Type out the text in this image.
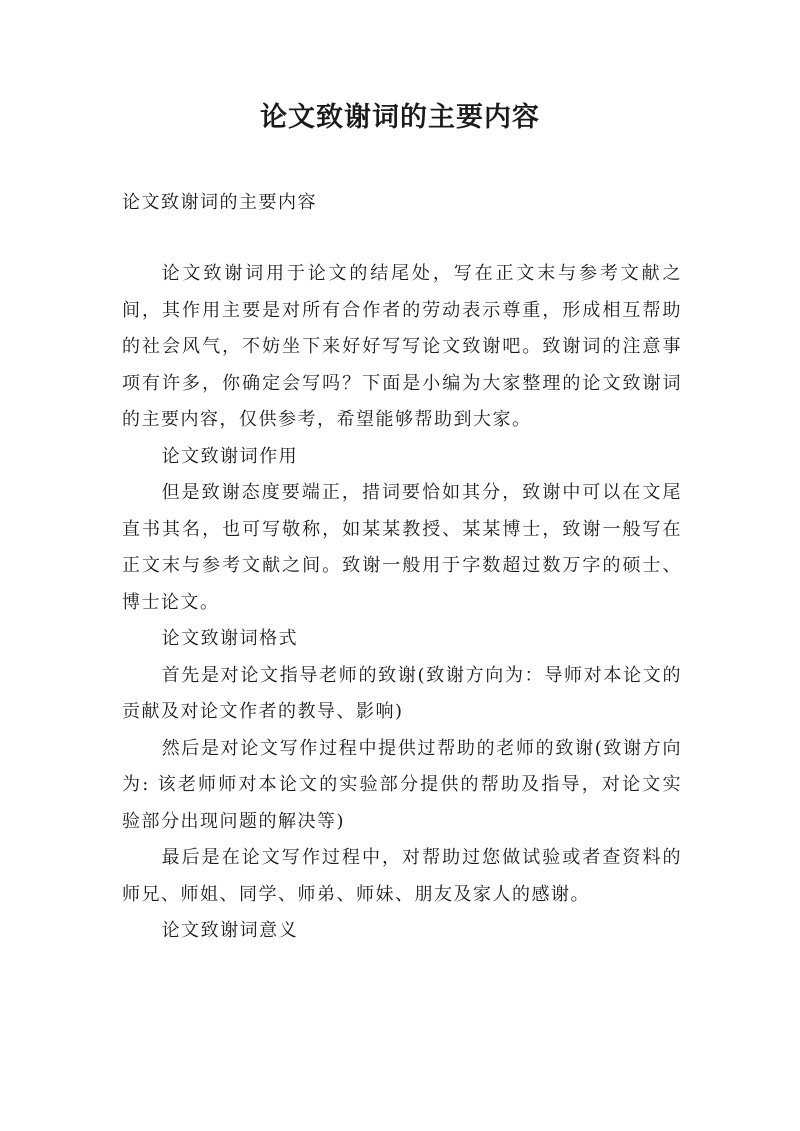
论文致谢词的主要内容

论文致谢词的主要内容

论文致谢词用于论文的结尾处，写在正文末与参考文献之间，其作用主要是对所有合作者的劳动表示尊重，形成相互帮助的社会风气，不妨坐下来好好写写论文致谢吧。致谢词的注意事项有许多，你确定会写吗？下面是小编为大家整理的论文致谢词的主要内容，仅供参考，希望能够帮助到大家。

论文致谢词作用

但是致谢态度要端正，措词要恰如其分，致谢中可以在文尾直书其名，也可写敬称，如某某教授、某某博士，致谢一般写在正文末与参考文献之间。致谢一般用于字数超过数万字的硕士、博士论文。

论文致谢词格式

首先是对论文指导老师的致谢(致谢方向为：导师对本论文的贡献及对论文作者的教导、影响)

然后是对论文写作过程中提供过帮助的老师的致谢(致谢方向为: 该老师师对本论文的实验部分提供的帮助及指导，对论文实验部分出现问题的解决等)

最后是在论文写作过程中，对帮助过您做试验或者查资料的师兄、师姐、同学、师弟、师妹、朋友及家人的感谢。

论文致谢词意义
